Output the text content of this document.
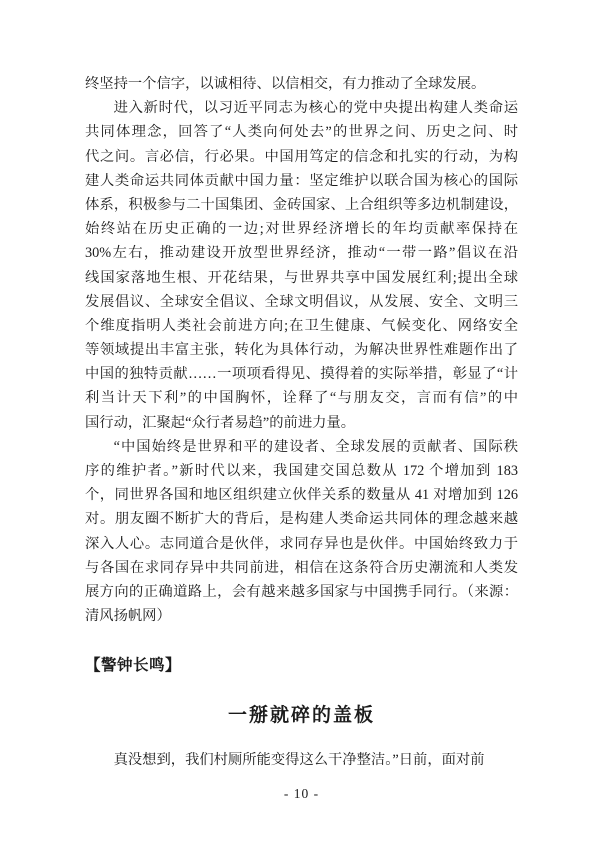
终坚持一个信字，以诚相待、以信相交，有力推动了全球发展。
进入新时代，以习近平同志为核心的党中央提出构建人类命运
共同体理念，回答了“人类向何处去”的世界之问、历史之问、时
代之问。言必信，行必果。中国用笃定的信念和扎实的行动，为构
建人类命运共同体贡献中国力量：坚定维护以联合国为核心的国际
体系，积极参与二十国集团、金砖国家、上合组织等多边机制建设，
始终站在历史正确的一边;对世界经济增长的年均贡献率保持在
30%左右，推动建设开放型世界经济，推动“一带一路”倡议在沿
线国家落地生根、开花结果，与世界共享中国发展红利;提出全球
发展倡议、全球安全倡议、全球文明倡议，从发展、安全、文明三
个维度指明人类社会前进方向;在卫生健康、气候变化、网络安全
等领域提出丰富主张，转化为具体行动，为解决世界性难题作出了
中国的独特贡献……一项项看得见、摸得着的实际举措，彰显了“计
利当计天下利”的中国胸怀，诠释了“与朋友交，言而有信”的中
国行动，汇聚起“众行者易趋”的前进力量。
“中国始终是世界和平的建设者、全球发展的贡献者、国际秩
序的维护者。”新时代以来，我国建交国总数从 172 个增加到 183
个，同世界各国和地区组织建立伙伴关系的数量从 41 对增加到 126
对。朋友圈不断扩大的背后，是构建人类命运共同体的理念越来越
深入人心。志同道合是伙伴，求同存异也是伙伴。中国始终致力于
与各国在求同存异中共同前进，相信在这条符合历史潮流和人类发
展方向的正确道路上，会有越来越多国家与中国携手同行。（来源：
清风扬帆网）
【警钟长鸣】
一掰就碎的盖板
真没想到，我们村厕所能变得这么干净整洁。”日前，面对前
- 10 -
